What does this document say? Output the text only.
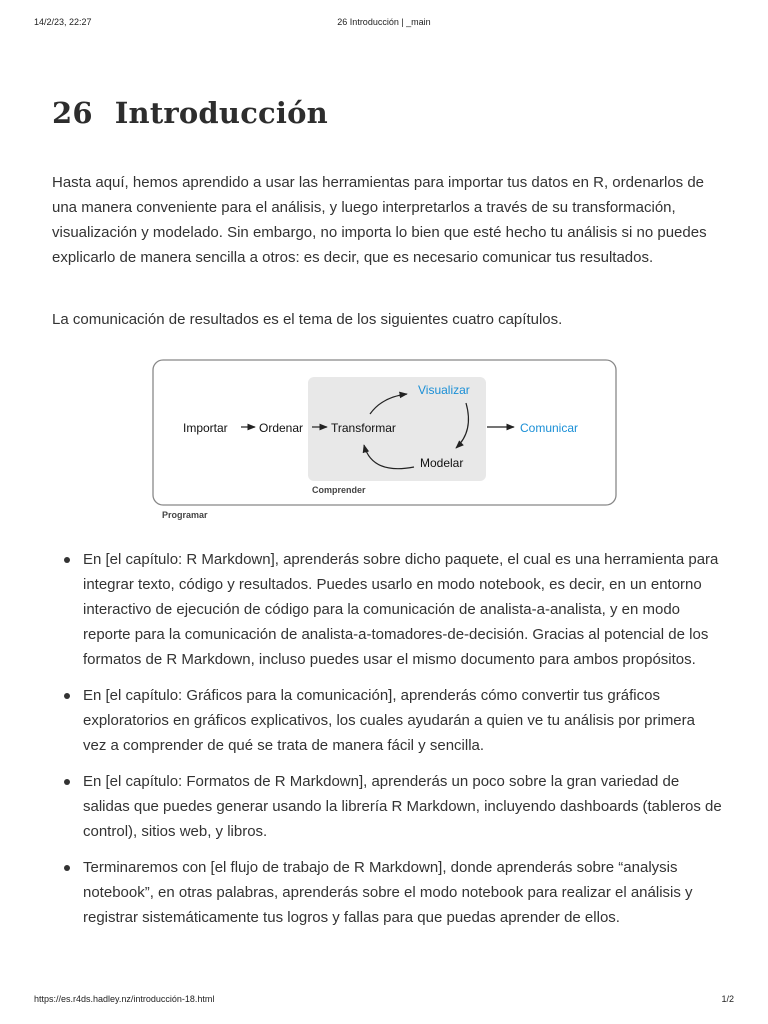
14/2/23, 22:27	26 Introducción | _main
26 Introducción

Hasta aquí, hemos aprendido a usar las herramientas para importar tus datos en R, ordenarlos de una manera conveniente para el análisis, y luego interpretarlos a través de su transformación, visualización y modelado. Sin embargo, no importa lo bien que esté hecho tu análisis si no puedes explicarlo de manera sencilla a otros: es decir, que es necesario comunicar tus resultados.

La comunicación de resultados es el tema de los siguientes cuatro capítulos.

Importar	Ordenar Transformar
Visualizar
Modelar
Comunicar
Comprender
Programar
En [el capítulo: R Markdown], aprenderás sobre dicho paquete, el cual es una herramienta para integrar texto, código y resultados. Puedes usarlo en modo notebook, es decir, en un entorno interactivo de ejecución de código para la comunicación de analista-a-analista, y en modo reporte para la comunicación de analista-a-tomadores-de-decisión. Gracias al potencial de los formatos de R Markdown, incluso puedes usar el mismo documento para ambos propósitos.
En [el capítulo: Gráficos para la comunicación], aprenderás cómo convertir tus gráficos exploratorios en gráficos explicativos, los cuales ayudarán a quien ve tu análisis por primera vez a comprender de qué se trata de manera fácil y sencilla.
En [el capítulo: Formatos de R Markdown], aprenderás un poco sobre la gran variedad de salidas que puedes generar usando la librería R Markdown, incluyendo dashboards (tableros de control), sitios web, y libros.
Terminaremos con [el flujo de trabajo de R Markdown], donde aprenderás sobre “analysis notebook”, en otras palabras, aprenderás sobre el modo notebook para realizar el análisis y registrar sistemáticamente tus logros y fallas para que puedas aprender de ellos.
https://es.r4ds.hadley.nz/introducción-18.html	1/2
